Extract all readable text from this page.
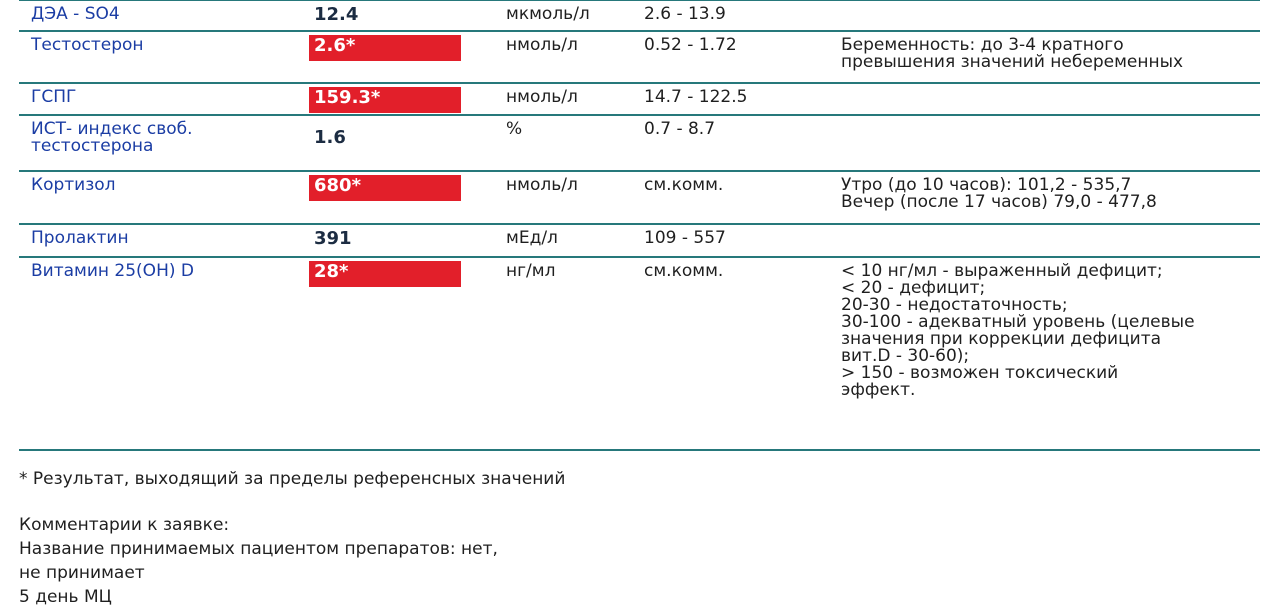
ДЭА - SO4	12.4	мкмоль/л	2.6 - 13.9
Тестостерон	2.6*	нмоль/л	0.52 - 1.72	Беременность: до 3-4 кратного
превышения значений небеременных
ГСПГ	159.3*	нмоль/л	14.7 - 122.5
ИСТ- индекс своб.
тестостерона	1.6	%	0.7 - 8.7
Кортизол	680*	нмоль/л	см.комм.	Утро (до 10 часов): 101,2 - 535,7
Вечер (после 17 часов) 79,0 - 477,8
Пролактин	391	мЕд/л	109 - 557
Витамин 25(OH) D	28*	нг/мл	см.комм.	< 10 нг/мл - выраженный дефицит;
< 20 - дефицит;
20-30 - недостаточность;
30-100 - адекватный уровень (целевые
значения при коррекции дефицита
вит.D - 30-60);
> 150 - возможен токсический
эффект.
* Результат, выходящий за пределы референсных значений
Комментарии к заявке:
Название принимаемых пациентом препаратов: нет,
не принимает
5 день МЦ
